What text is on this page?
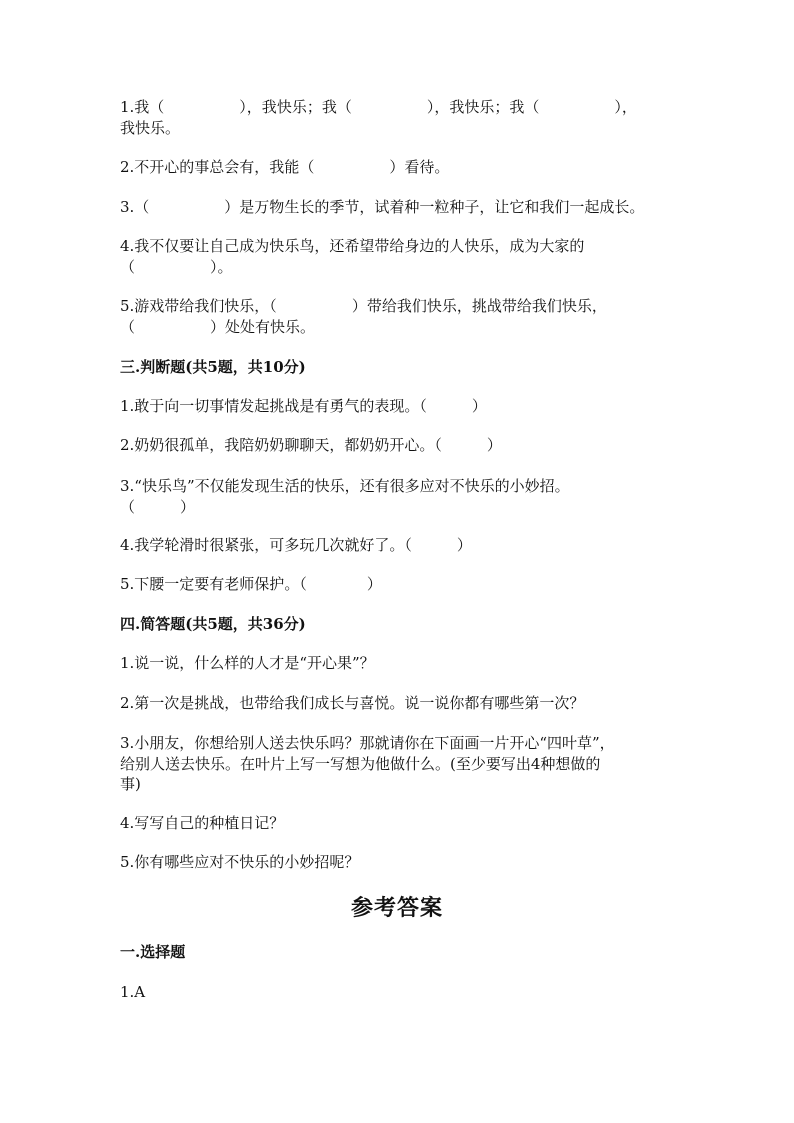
1.我（　　　　　），我快乐；我（　　　　　），我快乐；我（　　　　　），
我快乐。
2.不开心的事总会有，我能（　　　　　）看待。
3.（　　　　　）是万物生长的季节，试着种一粒种子，让它和我们一起成长。
4.我不仅要让自己成为快乐鸟，还希望带给身边的人快乐，成为大家的
（　　　　　）。
5.游戏带给我们快乐，（　　　　　）带给我们快乐，挑战带给我们快乐，
（　　　　　）处处有快乐。
三.判断题(共5题，共10分)
1.敢于向一切事情发起挑战是有勇气的表现。（　　　）
2.奶奶很孤单，我陪奶奶聊聊天，都奶奶开心。（　　　）
3.“快乐鸟”不仅能发现生活的快乐，还有很多应对不快乐的小妙招。
（　　　）
4.我学轮滑时很紧张，可多玩几次就好了。（　　　）
5.下腰一定要有老师保护。（　　　　）
四.简答题(共5题，共36分)
1.说一说，什么样的人才是“开心果”？
2.第一次是挑战，也带给我们成长与喜悦。说一说你都有哪些第一次？
3.小朋友，你想给别人送去快乐吗？那就请你在下面画一片开心“四叶草”，
给别人送去快乐。在叶片上写一写想为他做什么。(至少要写出4种想做的
事)
4.写写自己的种植日记？
5.你有哪些应对不快乐的小妙招呢？
参考答案
一.选择题
1.A
